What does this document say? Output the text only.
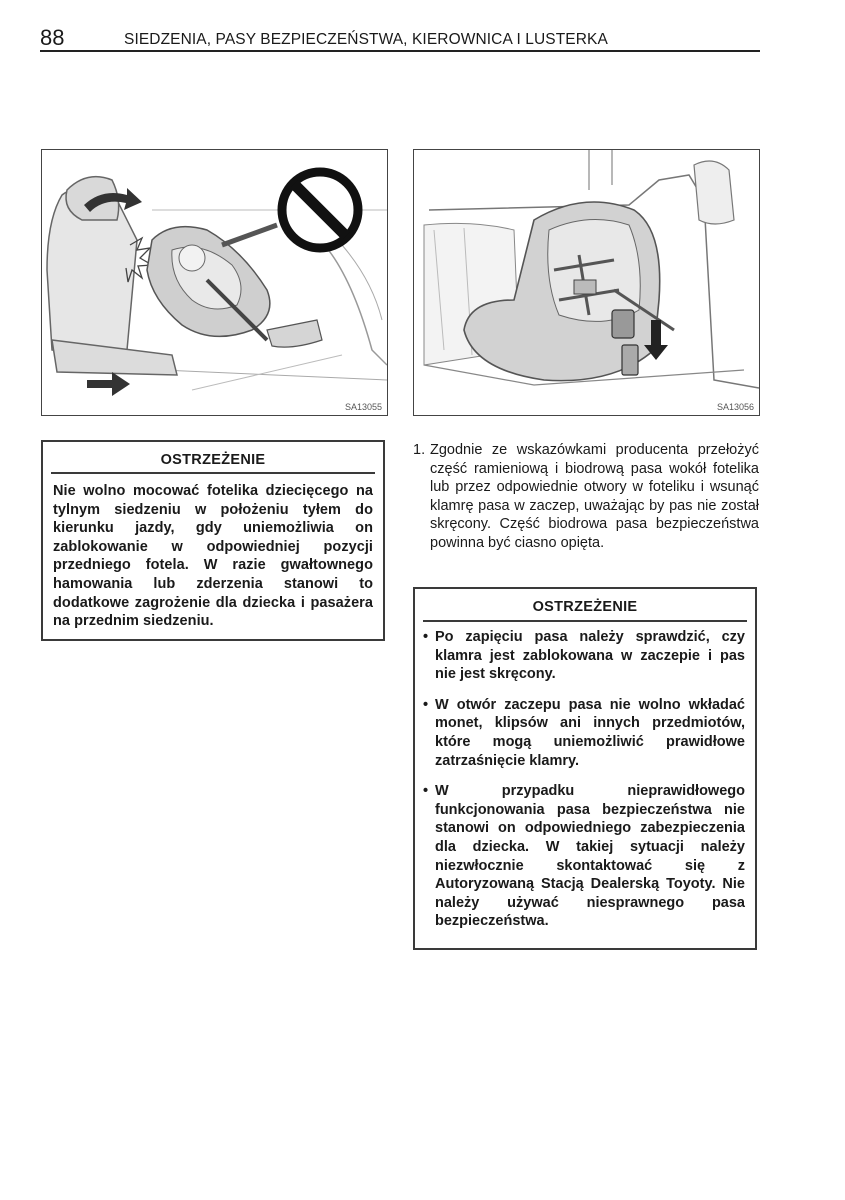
88	SIEDZENIA, PASY BEZPIECZEŃSTWA, KIEROWNICA I LUSTERKA
SA13055	SA13056
OSTRZEŻENIE
Nie wolno mocować fotelika dziecięcego na tylnym siedzeniu w położeniu tyłem do kierunku jazdy, gdy uniemożliwia on zablokowanie w odpowiedniej pozycji przedniego fotela. W razie gwałtownego hamowania lub zderzenia stanowi to dodatkowe zagrożenie dla dziecka i pasażera na przednim siedzeniu.
1. Zgodnie ze wskazówkami producenta przełożyć część ramieniową i biodrową pasa wokół fotelika lub przez odpowiednie otwory w foteliku i wsunąć klamrę pasa w zaczep, uważając by pas nie został skręcony. Część biodrowa pasa bezpieczeństwa powinna być ciasno opięta.
OSTRZEŻENIE
• Po zapięciu pasa należy sprawdzić, czy klamra jest zablokowana w zaczepie i pas nie jest skręcony.
• W otwór zaczepu pasa nie wolno wkładać monet, klipsów ani innych przedmiotów, które mogą uniemożliwić prawidłowe zatrzaśnięcie klamry.
• W przypadku nieprawidłowego funkcjonowania pasa bezpieczeństwa nie stanowi on odpowiedniego zabezpieczenia dla dziecka. W takiej sytuacji należy niezwłocznie skontaktować się z Autoryzowaną Stacją Dealerską Toyoty. Nie należy używać niesprawnego pasa bezpieczeństwa.
